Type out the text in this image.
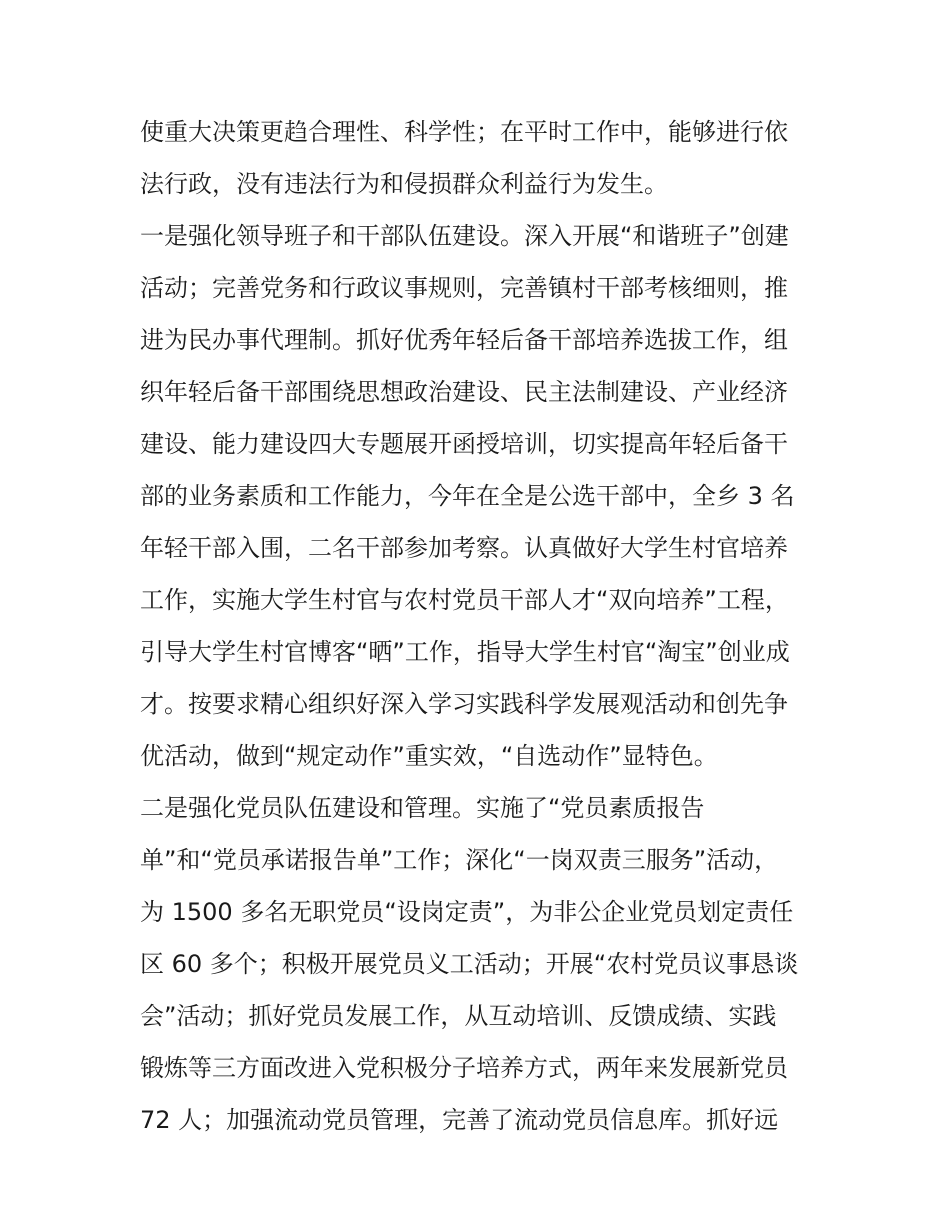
使重大决策更趋合理性、科学性；在平时工作中，能够进行依
法行政，没有违法行为和侵损群众利益行为发生。
一是强化领导班子和干部队伍建设。深入开展“和谐班子”创建
活动；完善党务和行政议事规则，完善镇村干部考核细则，推
进为民办事代理制。抓好优秀年轻后备干部培养选拔工作，组
织年轻后备干部围绕思想政治建设、民主法制建设、产业经济
建设、能力建设四大专题展开函授培训，切实提高年轻后备干
部的业务素质和工作能力，今年在全是公选干部中，全乡 3 名
年轻干部入围，二名干部参加考察。认真做好大学生村官培养
工作，实施大学生村官与农村党员干部人才“双向培养”工程，
引导大学生村官博客“晒”工作，指导大学生村官“淘宝”创业成
才。按要求精心组织好深入学习实践科学发展观活动和创先争
优活动，做到“规定动作”重实效，“自选动作”显特色。
二是强化党员队伍建设和管理。实施了“党员素质报告
单”和“党员承诺报告单”工作；深化“一岗双责三服务”活动，
为 1500 多名无职党员“设岗定责”，为非公企业党员划定责任
区 60 多个；积极开展党员义工活动；开展“农村党员议事恳谈
会”活动；抓好党员发展工作，从互动培训、反馈成绩、实践
锻炼等三方面改进入党积极分子培养方式，两年来发展新党员
72 人；加强流动党员管理，完善了流动党员信息库。抓好远
